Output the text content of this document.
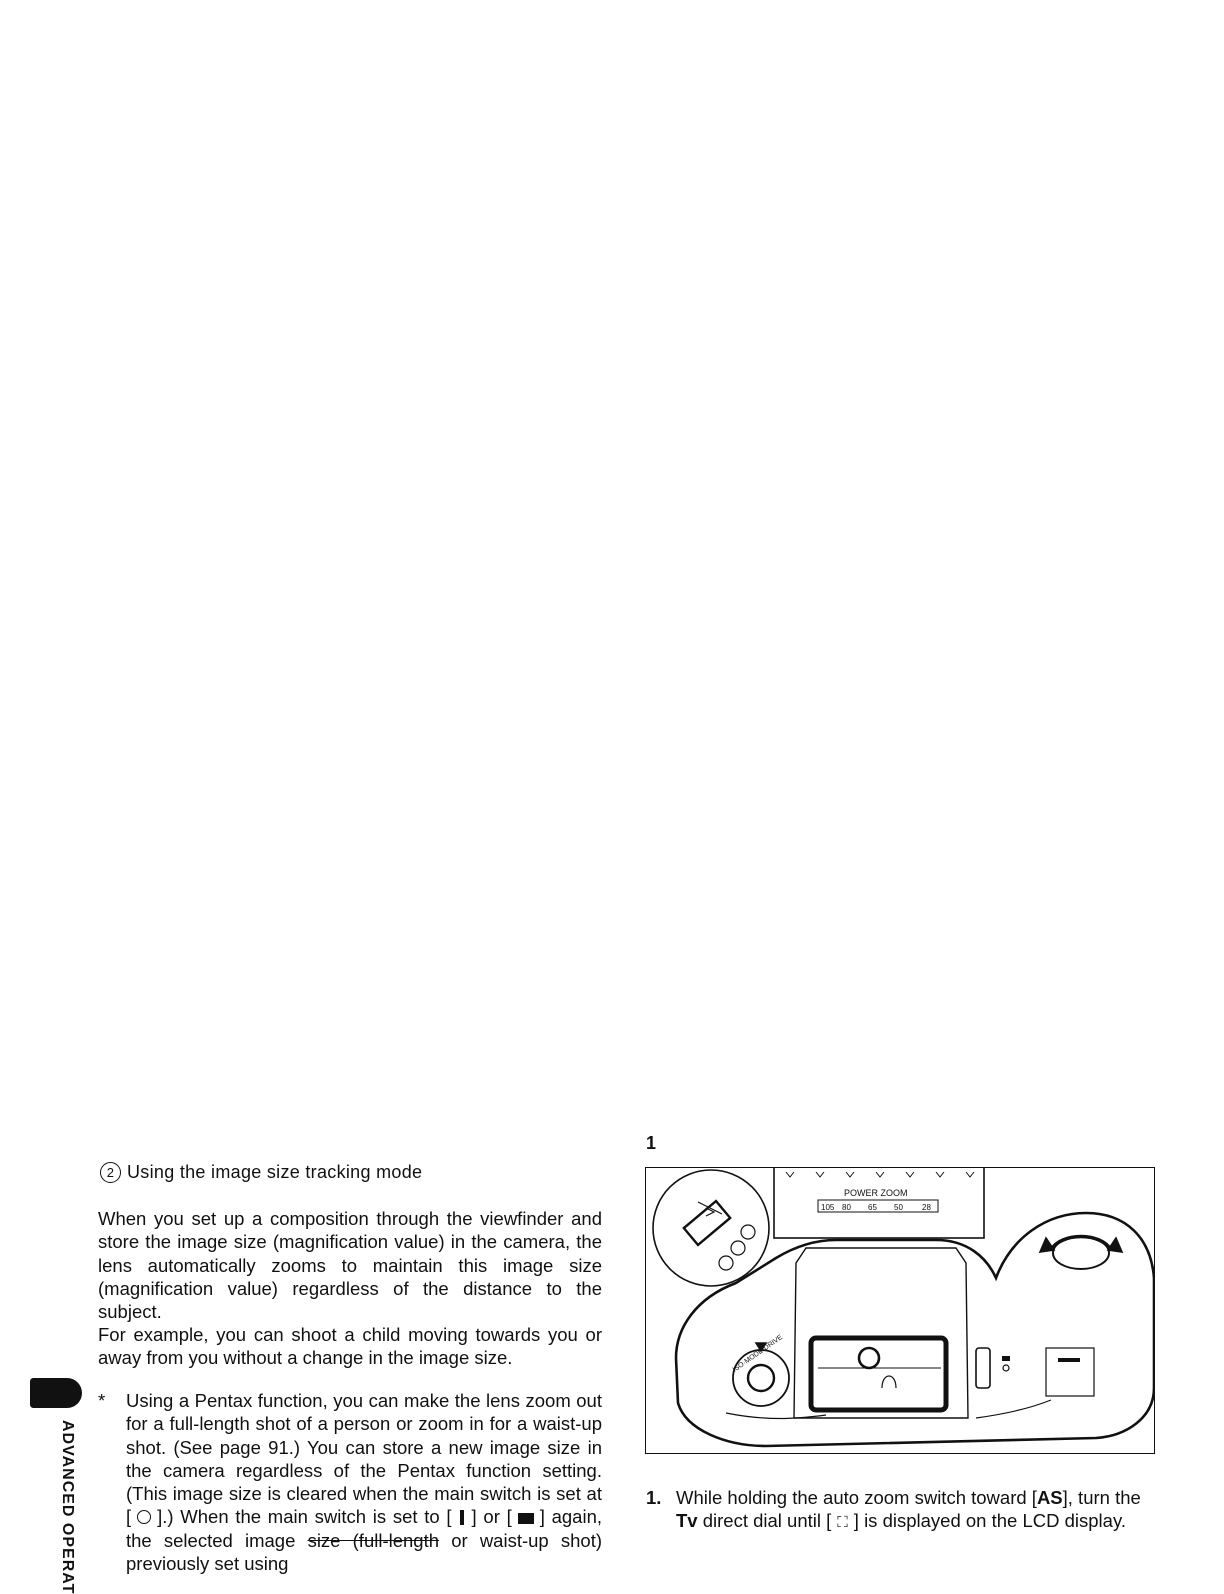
2 Using the image size tracking mode
When you set up a composition through the viewfinder and store the image size (magnification value) in the camera, the lens automatically zooms to maintain this image size (magnification value) regardless of the distance to the subject.
For example, you can shoot a child moving towards you or away from you without a change in the image size.
* Using a Pentax function, you can make the lens zoom out for a full-length shot of a person or zoom in for a waist-up shot. (See page 91.) You can store a new image size in the camera regardless of the Pentax function setting. (This image size is cleared when the main switch is set at [ ].) When the main switch is set to [ ] or [ ] again, the selected image size (full-length or waist-up shot) previously set using
ADVANCED OPERAT
1
POWER ZOOM
105 80 65 50 28
ISO·MODE·DRIVE
1. While holding the auto zoom switch toward [AS], turn the Tv direct dial until [ ⛶ ] is displayed on the LCD display.
